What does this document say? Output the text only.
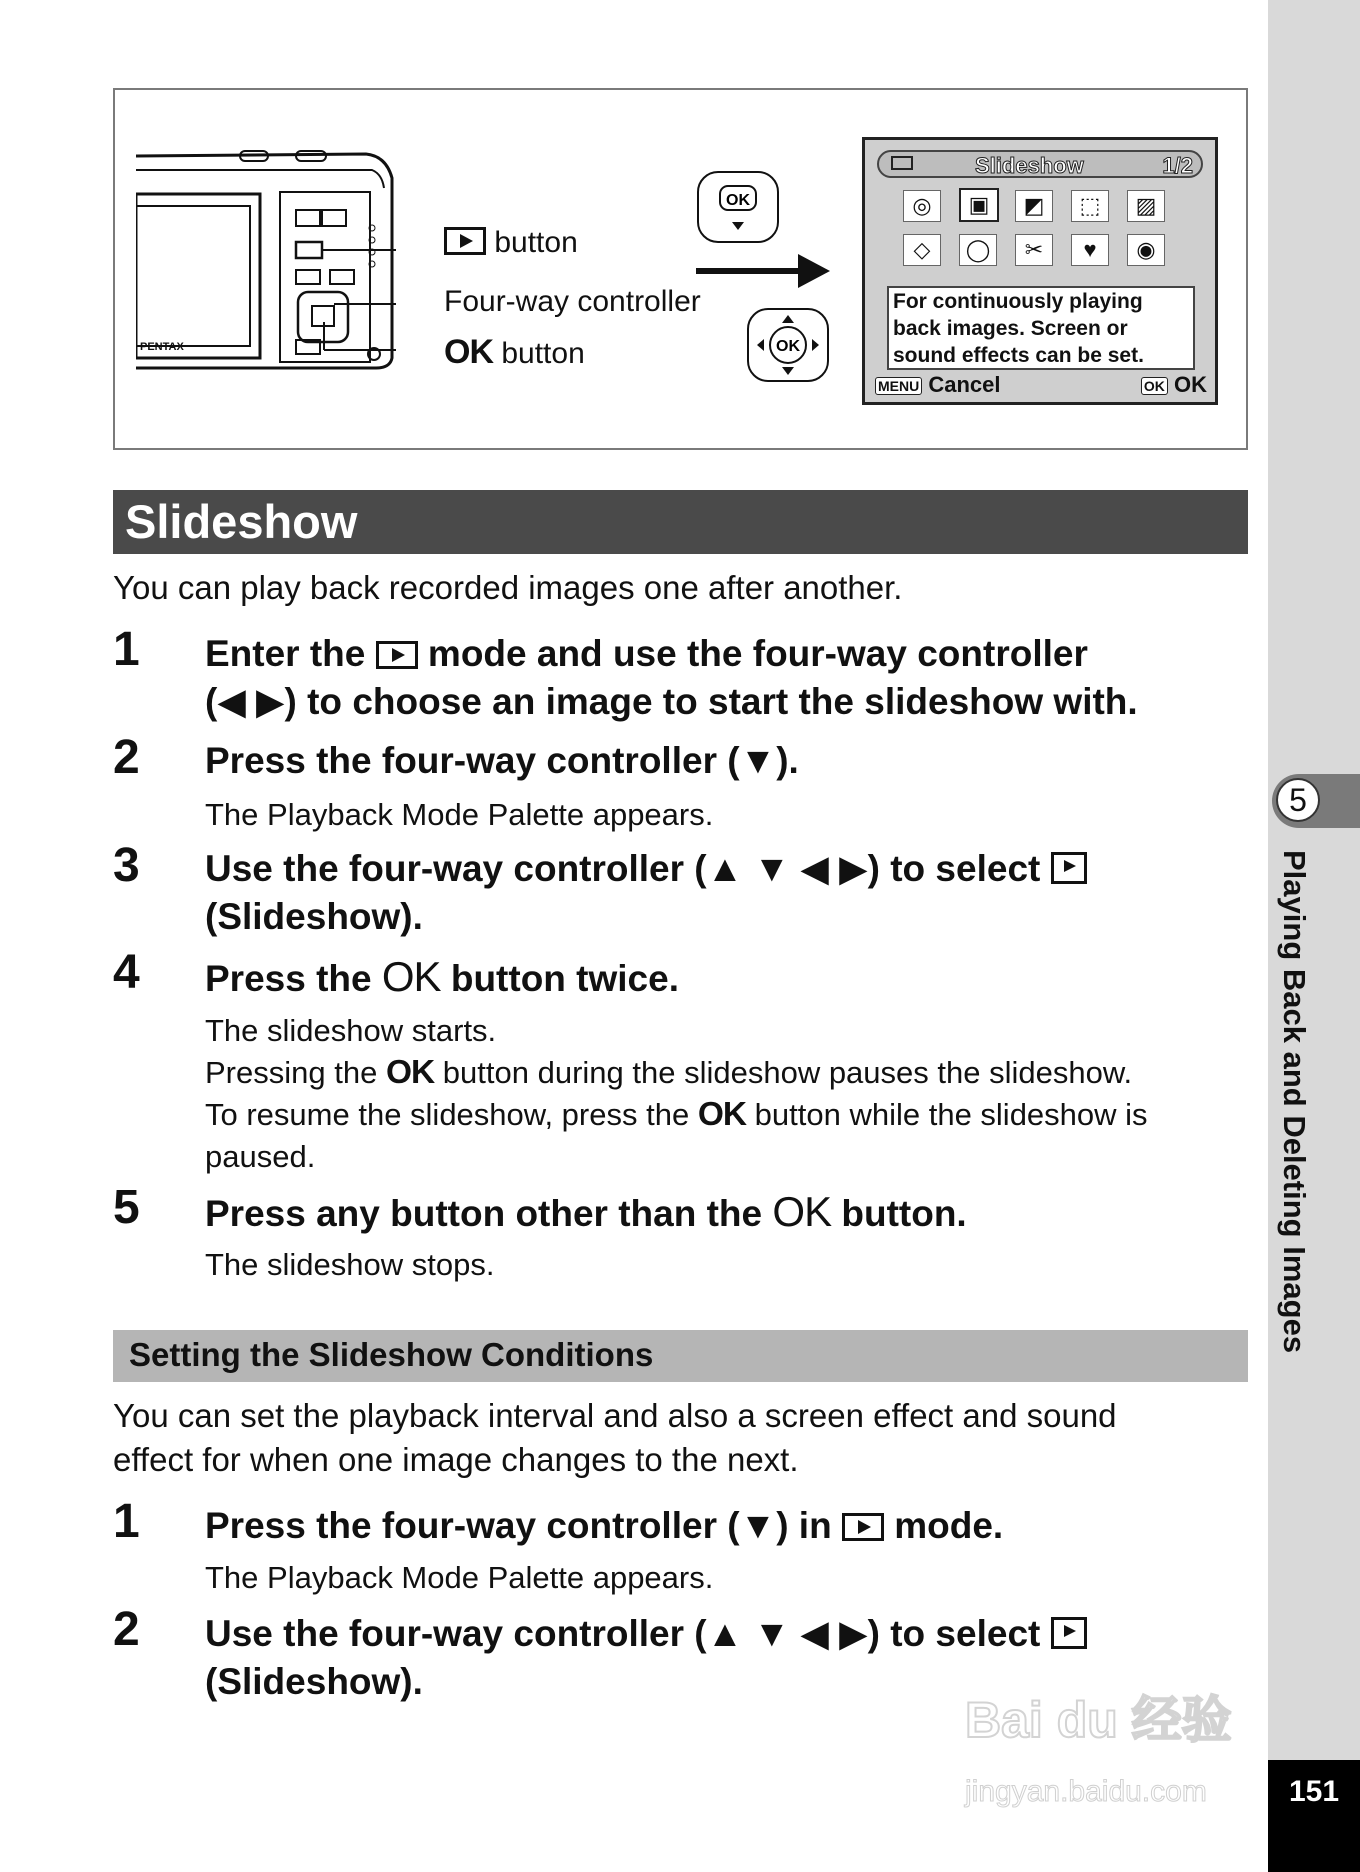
5
Playing Back and Deleting Images
151
PENTAX
button
Four-way controller
OK button
OK
OK
Slideshow	1/2
◎	▣	◩	⬚	▨
◇	◯	✂	♥	◉
For continuously playing
back images. Screen or
sound effects can be set.
MENU Cancel	OK OK
Slideshow
You can play back recorded images one after another.
1 Enter the mode and use the four-way controller
(◀ ▶) to choose an image to start the slideshow with.
2 Press the four-way controller (▼).
The Playback Mode Palette appears.
3 Use the four-way controller (▲ ▼ ◀ ▶) to select
(Slideshow).
4 Press the OK button twice.
The slideshow starts.
Pressing the OK button during the slideshow pauses the slideshow.
To resume the slideshow, press the OK button while the slideshow is
paused.
5 Press any button other than the OK button.
The slideshow stops.
Setting the Slideshow Conditions
You can set the playback interval and also a screen effect and sound
effect for when one image changes to the next.
1 Press the four-way controller (▼) in mode.
The Playback Mode Palette appears.
2 Use the four-way controller (▲ ▼ ◀ ▶) to select
(Slideshow).
Bai du 经验
jingyan.baidu.com
